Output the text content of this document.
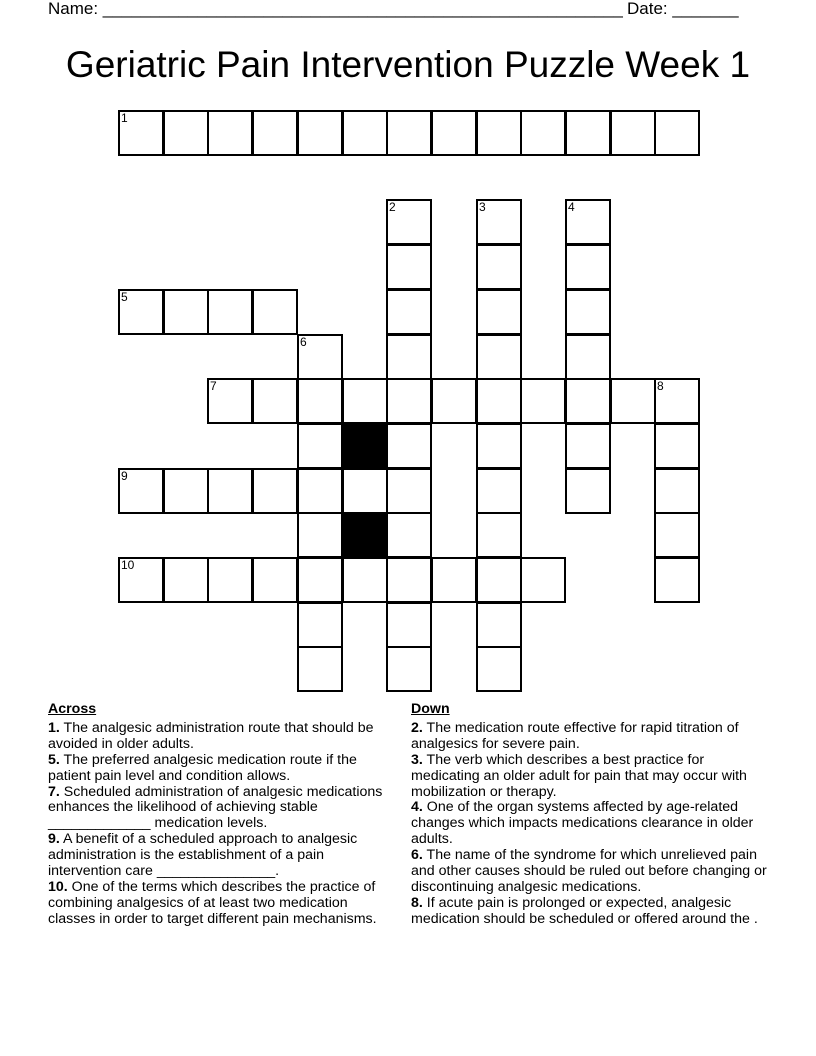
Name: _______________________________________________________ Date: _______
Geriatric Pain Intervention Puzzle Week 1
1
2	3	4
5
6
7	8
9
10
Across

1. The analgesic administration route that should be avoided in older adults.

5. The preferred analgesic medication route if the patient pain level and condition allows.

7. Scheduled administration of analgesic medications enhances the likelihood of achieving stable _____________ medication levels.

9. A benefit of a scheduled approach to analgesic administration is the establishment of a pain intervention care _______________.

10. One of the terms which describes the practice of combining analgesics of at least two medication classes in order to target different pain mechanisms.

Down

2. The medication route effective for rapid titration of analgesics for severe pain.

3. The verb which describes a best practice for medicating an older adult for pain that may occur with mobilization or therapy.

4. One of the organ systems affected by age-related changes which impacts medications clearance in older adults.

6. The name of the syndrome for which unrelieved pain and other causes should be ruled out before changing or discontinuing analgesic medications.

8. If acute pain is prolonged or expected, analgesic medication should be scheduled or offered around the .
